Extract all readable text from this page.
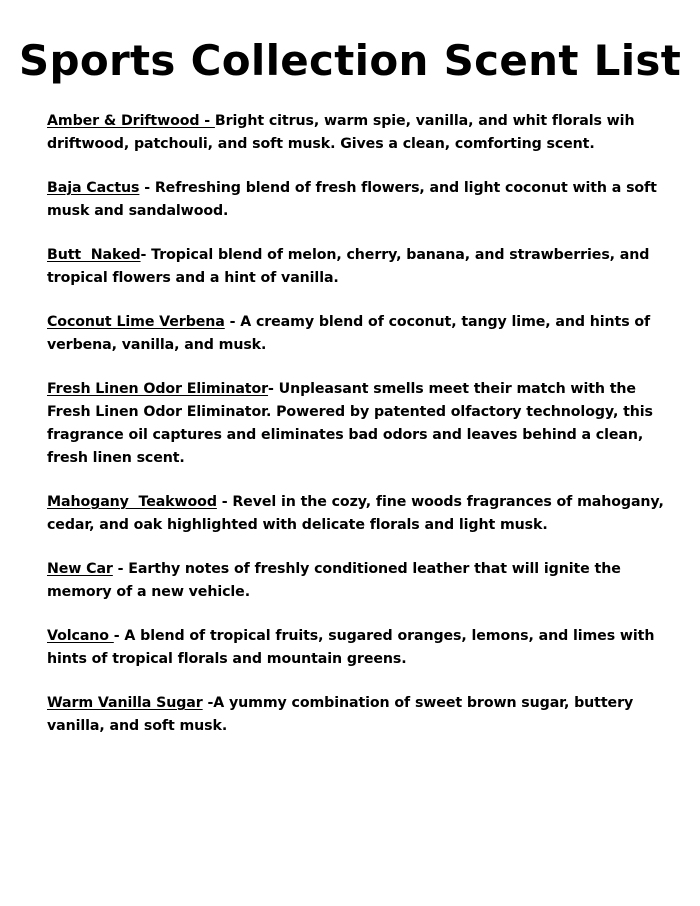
Sports Collection Scent List

Amber & Driftwood - Bright citrus, warm spie, vanilla, and whit florals wih driftwood, patchouli, and soft musk. Gives a clean, comforting scent.

Baja Cactus - Refreshing blend of fresh flowers, and light coconut with a soft musk and sandalwood.

Butt  Naked- Tropical blend of melon, cherry, banana, and strawberries, and tropical flowers and a hint of vanilla.

Coconut Lime Verbena - A creamy blend of coconut, tangy lime, and hints of verbena, vanilla, and musk.

Fresh Linen Odor Eliminator- Unpleasant smells meet their match with the Fresh Linen Odor Eliminator. Powered by patented olfactory technology, this fragrance oil captures and eliminates bad odors and leaves behind a clean, fresh linen scent.

Mahogany  Teakwood - Revel in the cozy, fine woods fragrances of mahogany, cedar, and oak highlighted with delicate florals and light musk.

New Car - Earthy notes of freshly conditioned leather that will ignite the memory of a new vehicle.

Volcano - A blend of tropical fruits, sugared oranges, lemons, and limes with hints of tropical florals and mountain greens.

Warm Vanilla Sugar -A yummy combination of sweet brown sugar, buttery vanilla, and soft musk.
